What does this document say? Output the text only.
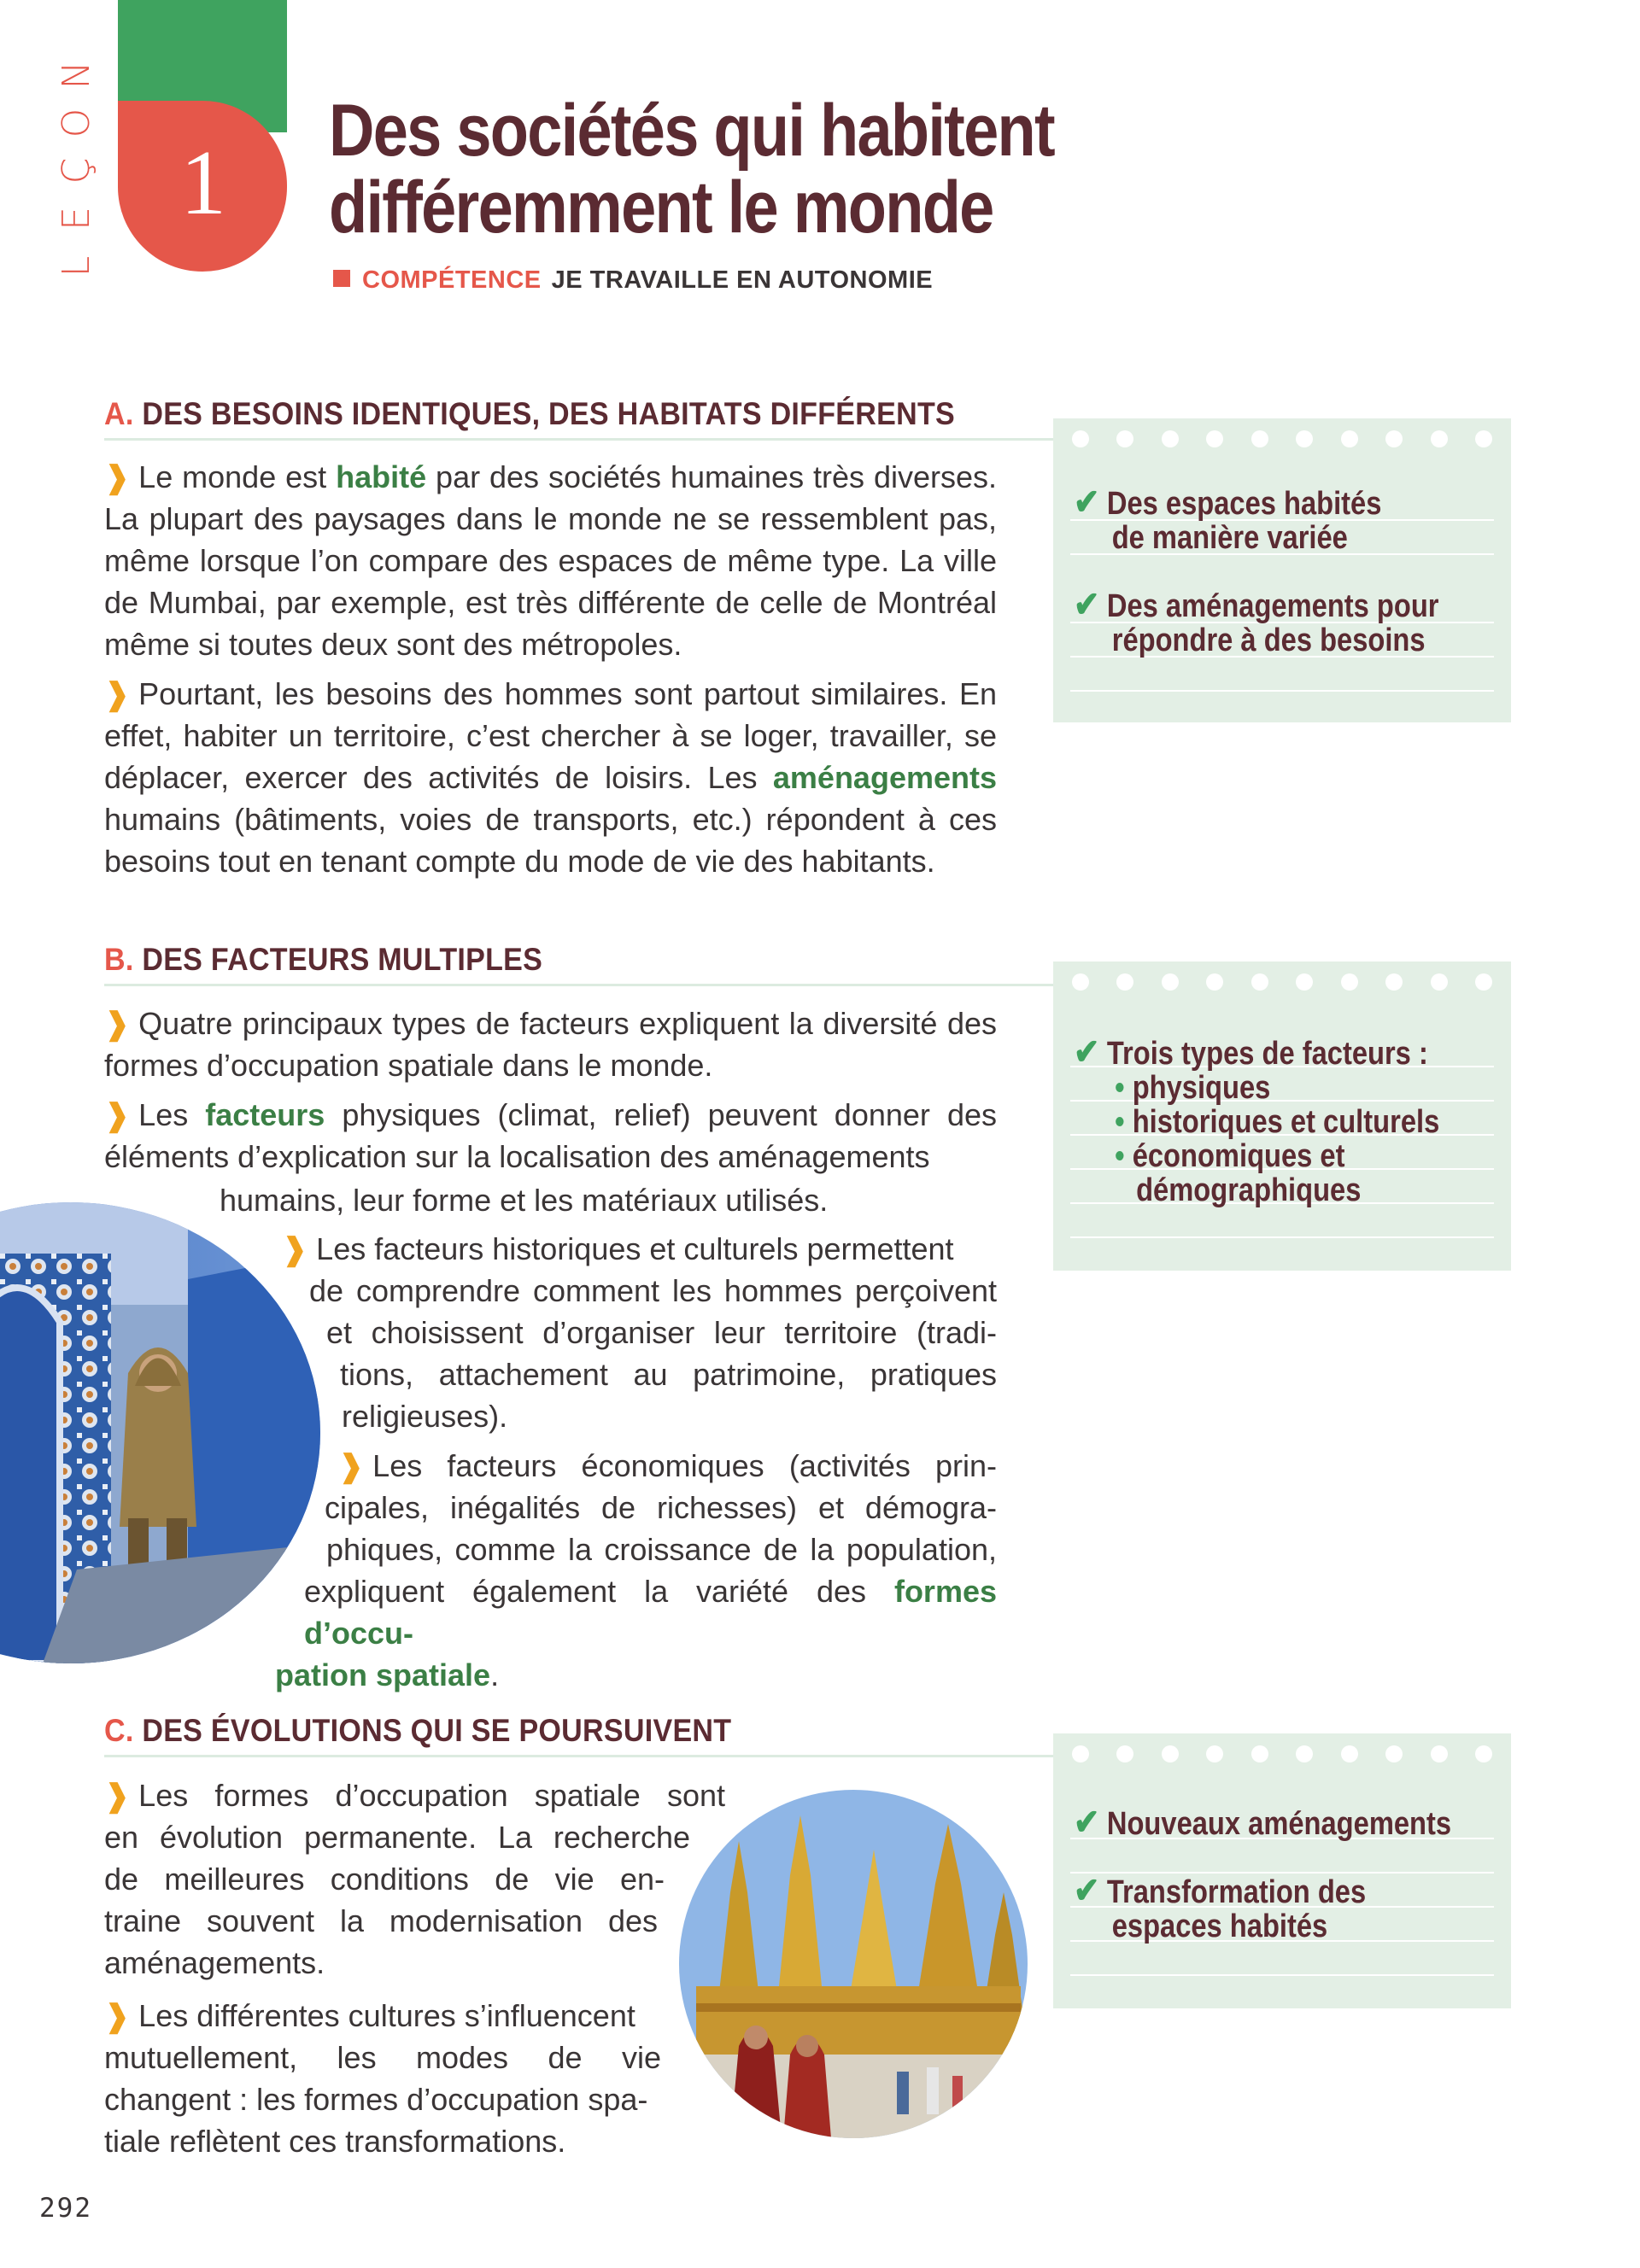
N
O
Ç
E
L
1
Des sociétés qui habitent
différemment le monde
COMPÉTENCE JE TRAVAILLE EN AUTONOMIE
A. DES BESOINS IDENTIQUES, DES HABITATS DIFFÉRENTS

❱ Le monde est habité par des sociétés humaines très diverses. La plupart des paysages dans le monde ne se ressemblent pas, même lorsque l’on compare des espaces de même type. La ville de Mumbai, par exemple, est très différente de celle de Montréal même si toutes deux sont des métropoles.

❱ Pourtant, les besoins des hommes sont partout similaires. En effet, habiter un territoire, c’est chercher à se loger, travailler, se déplacer, exercer des activités de loisirs. Les aménagements humains (bâtiments, voies de transports, etc.) répondent à ces besoins tout en tenant compte du mode de vie des habitants.

✔ Des espaces habités
de manière variée
✔ Des aménagements pour
répondre à des besoins
B. DES FACTEURS MULTIPLES

❱ Quatre principaux types de facteurs expliquent la diversité des formes d’occupation spatiale dans le monde.

❱ Les facteurs physiques (climat, relief) peuvent donner des éléments d’explication sur la localisation des aménagements

humains, leur forme et les matériaux utilisés.
❱ Les facteurs historiques et culturels permettent
de comprendre comment les hommes perçoivent
et choisissent d’organiser leur territoire (tradi-
tions, attachement au patrimoine, pratiques
religieuses).
❱ Les facteurs économiques (activités prin-
cipales, inégalités de richesses) et démogra-
phiques, comme la croissance de la population,
expliquent également la variété des formes d’occu-
pation spatiale.
✔ Trois types de facteurs :
• physiques
• historiques et culturels
• économiques et
démographiques
C. DES ÉVOLUTIONS QUI SE POURSUIVENT
❱ Les formes d’occupation spatiale sont
en évolution permanente. La recherche
de meilleures conditions de vie en-
traine souvent la modernisation des
aménagements.
❱ Les différentes cultures s’influencent
mutuellement, les modes de vie
changent : les formes d’occupation spa-
tiale reflètent ces transformations.
✔ Nouveaux aménagements
✔ Transformation des
espaces habités
292
